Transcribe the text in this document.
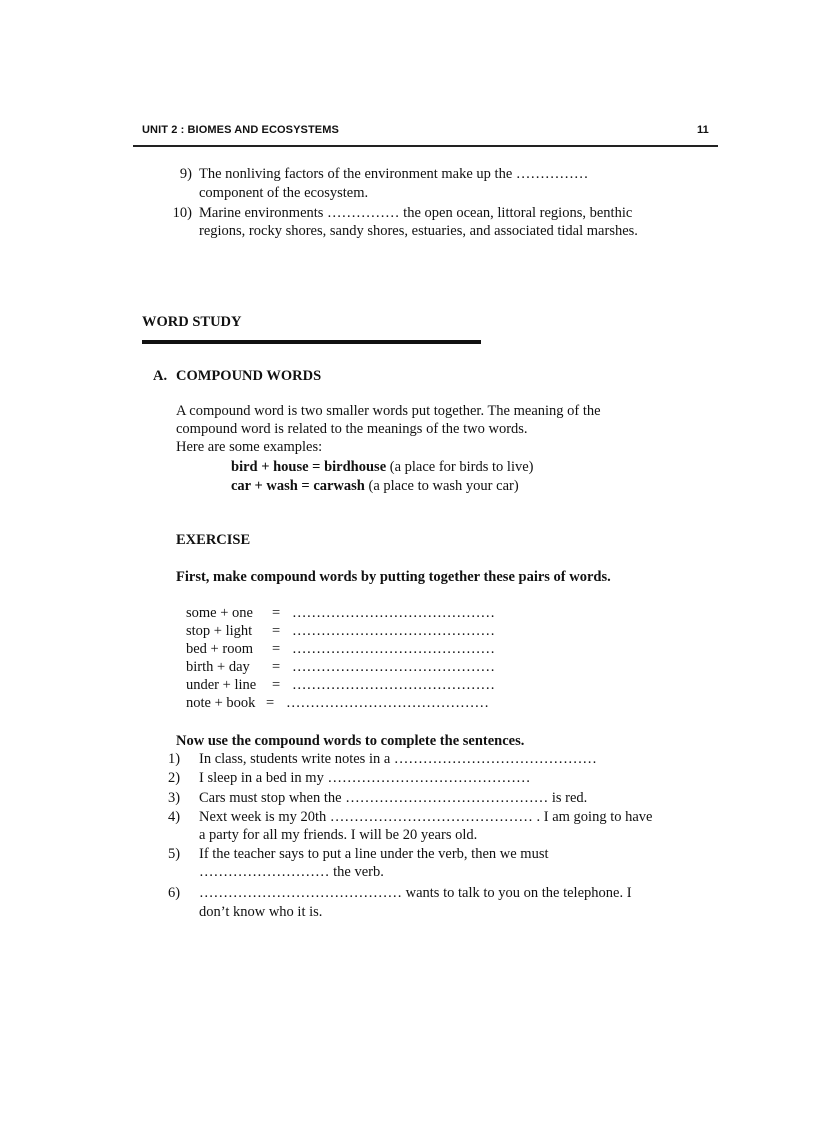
UNIT 2 : BIOMES AND ECOSYSTEMS	11
9) The nonliving factors of the environment make up the ……………
component of the ecosystem.
10) Marine environments …………… the open ocean, littoral regions, benthic
regions, rocky shores, sandy shores, estuaries, and associated tidal marshes.
WORD STUDY
A. COMPOUND WORDS
A compound word is two smaller words put together. The meaning of the
compound word is related to the meanings of the two words.
Here are some examples:
bird + house = birdhouse (a place for birds to live)
car + wash = carwash (a place to wash your car)
EXERCISE
First, make compound words by putting together these pairs of words.
some + one = ……………………………………
stop + light = ……………………………………
bed + room = ……………………………………
birth + day = ……………………………………
under + line = ……………………………………
note + book = ……………………………………
Now use the compound words to complete the sentences.
1) In class, students write notes in a ……………………………………
2) I sleep in a bed in my ……………………………………
3) Cars must stop when the …………………………………… is red.
4) Next week is my 20th …………………………………… . I am going to have
a party for all my friends. I will be 20 years old.
5) If the teacher says to put a line under the verb, then we must
……………………… the verb.
6) …………………………………… wants to talk to you on the telephone. I
don’t know who it is.
